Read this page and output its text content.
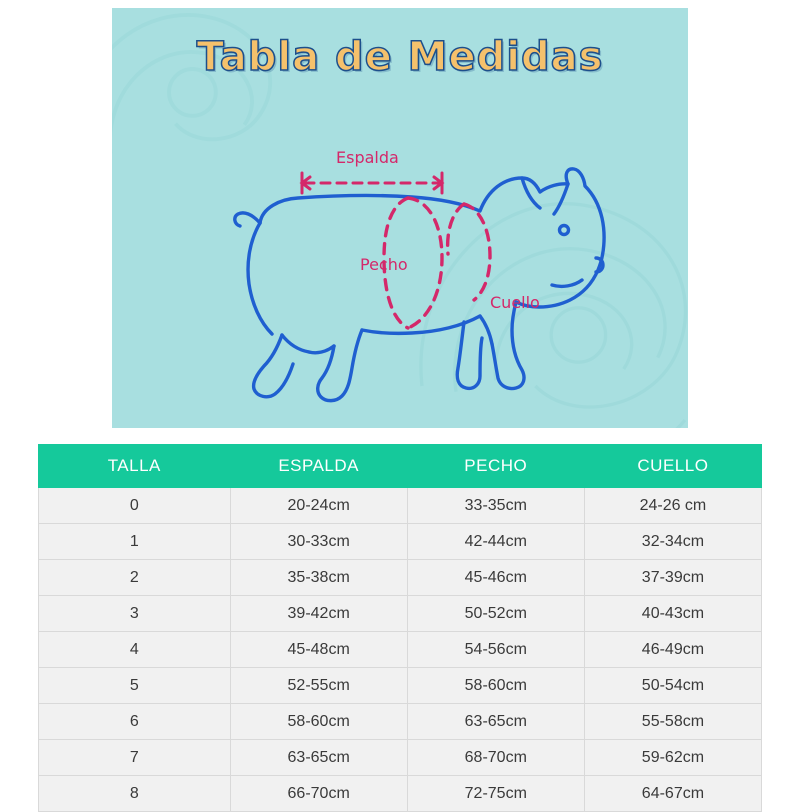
Tabla de Medidas
Espalda
Pecho
Cuello
TALLA	ESPALDA	PECHO	CUELLO
0	20-24cm	33-35cm	24-26 cm
1	30-33cm	42-44cm	32-34cm
2	35-38cm	45-46cm	37-39cm
3	39-42cm	50-52cm	40-43cm
4	45-48cm	54-56cm	46-49cm
5	52-55cm	58-60cm	50-54cm
6	58-60cm	63-65cm	55-58cm
7	63-65cm	68-70cm	59-62cm
8	66-70cm	72-75cm	64-67cm
